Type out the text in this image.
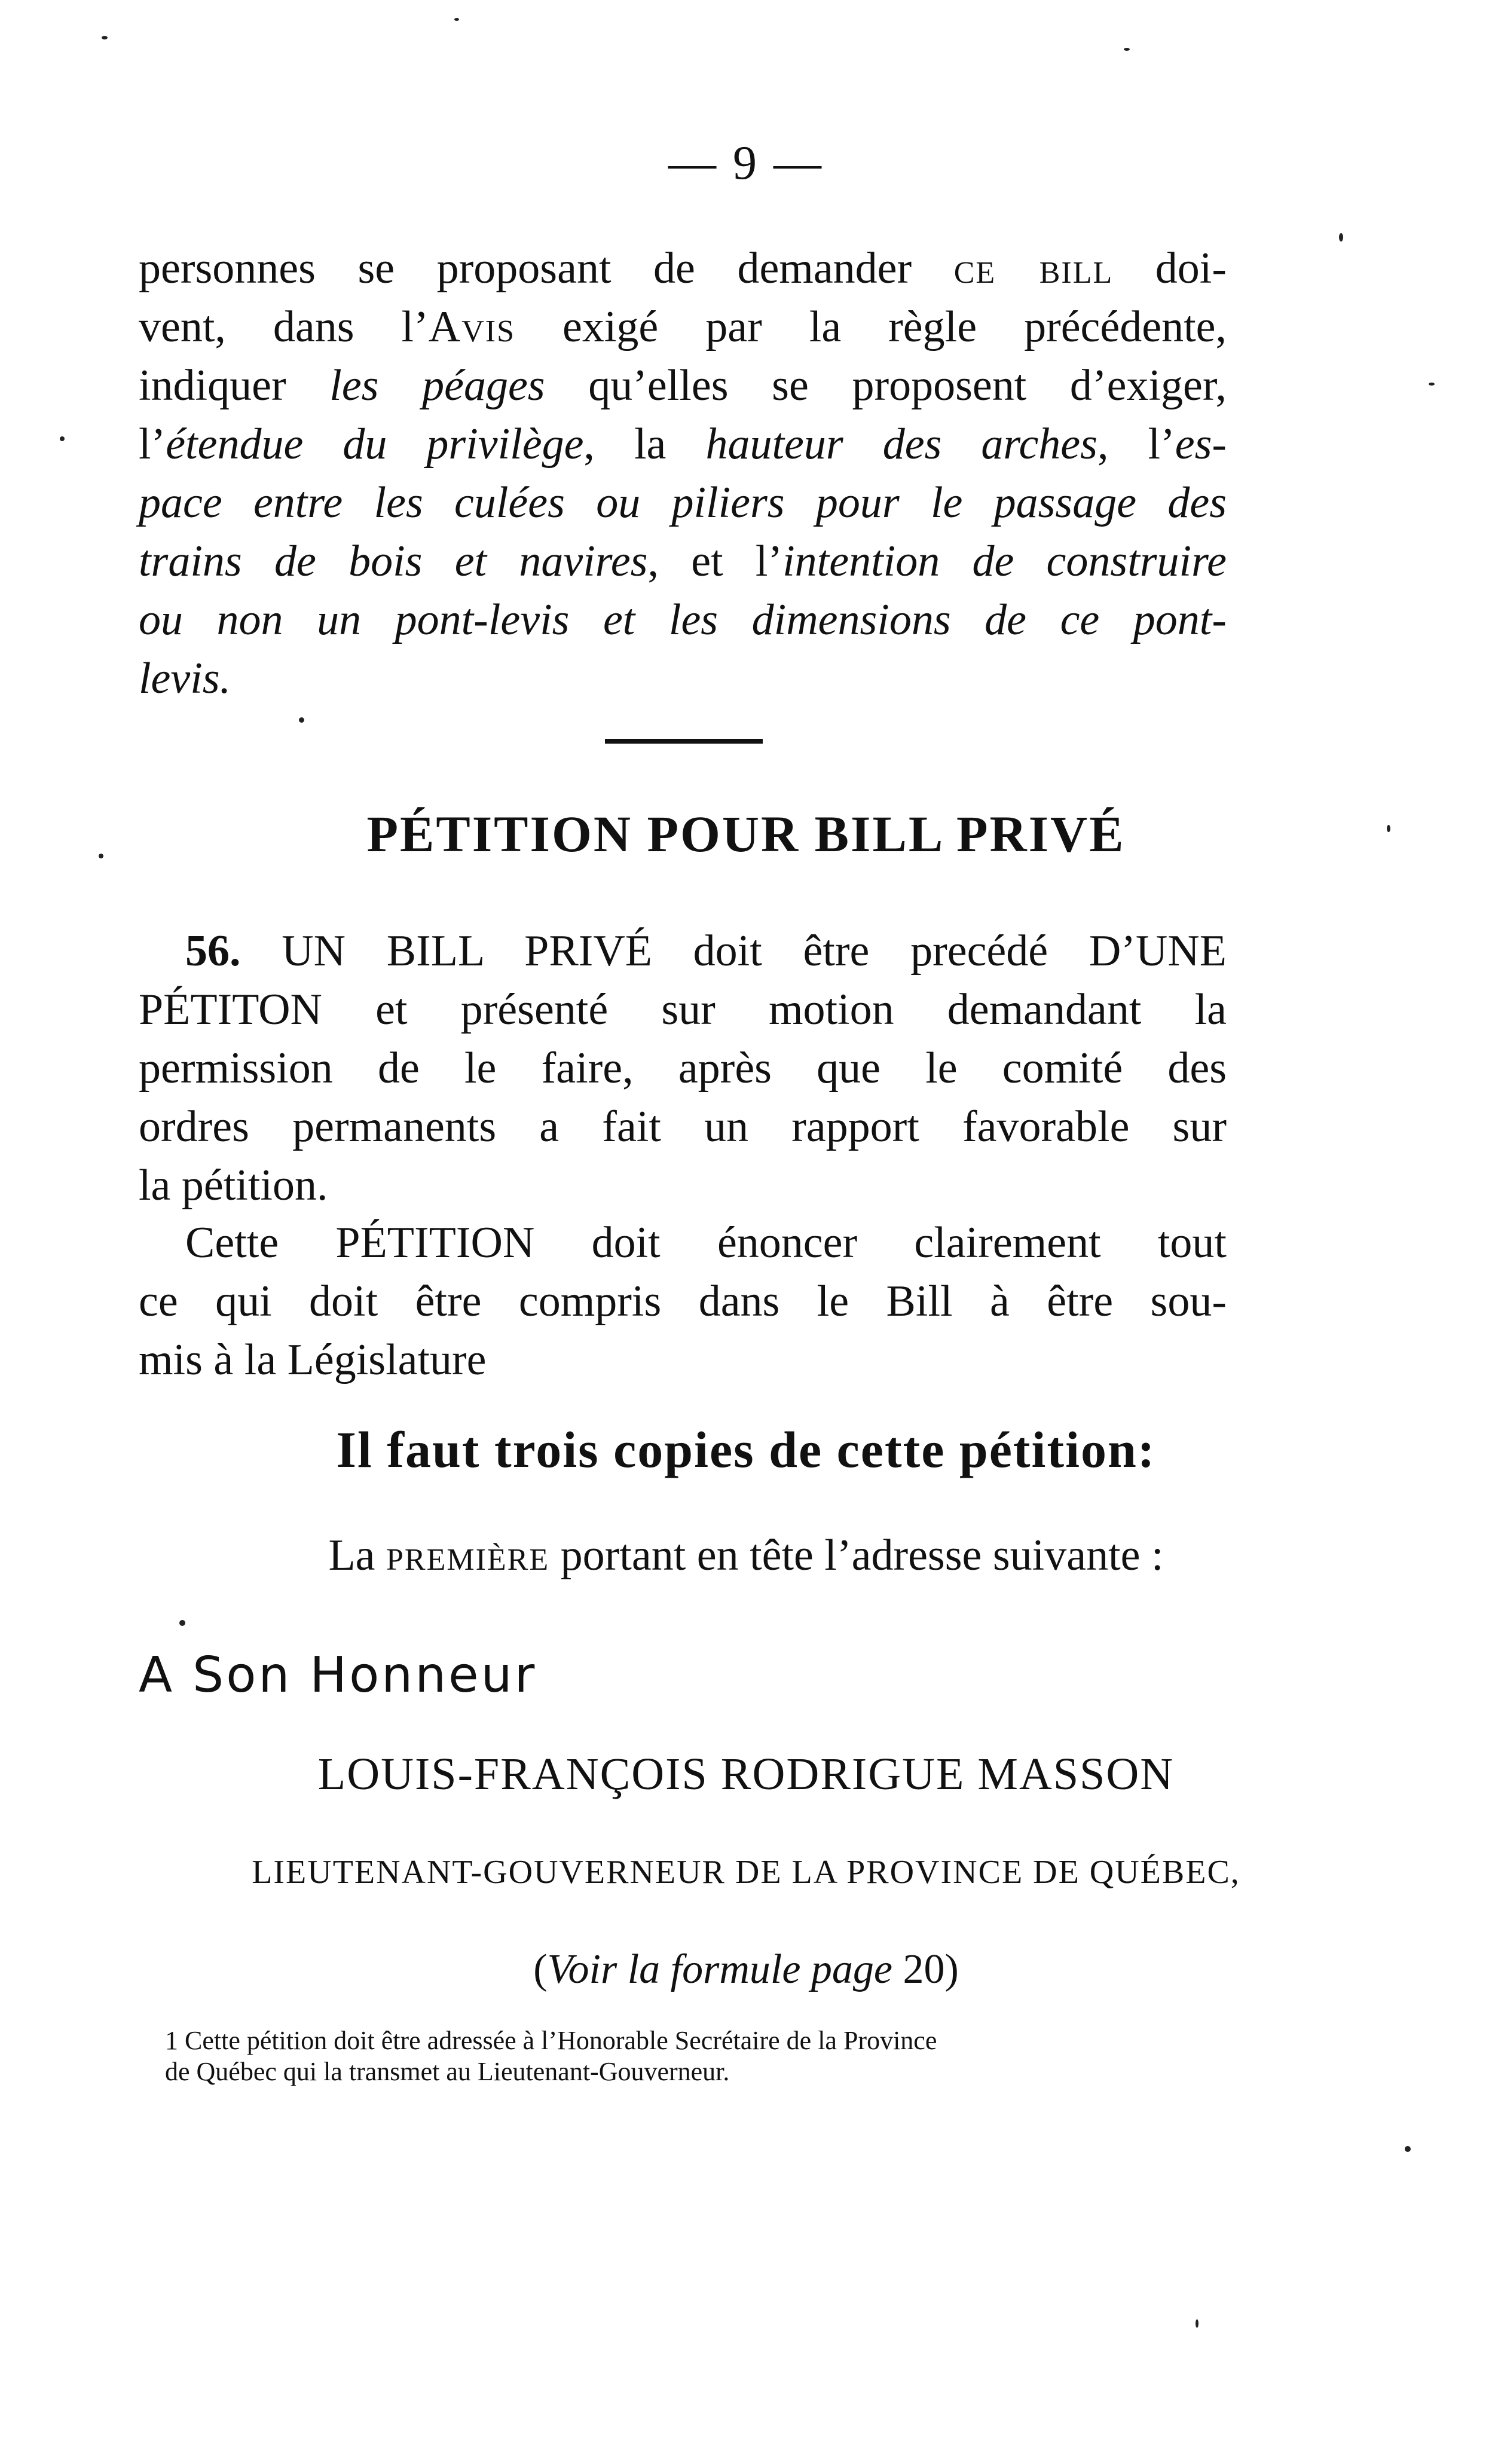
— 9 —
personnes se proposant de demander ce bill doi-
vent, dans l’Avis exigé par la règle précédente,
indiquer les péages qu’elles se proposent d’exiger,
l’étendue du privilège, la hauteur des arches, l’es-
pace entre les culées ou piliers pour le passage des
trains de bois et navires, et l’intention de construire
ou non un pont-levis et les dimensions de ce pont-
levis.
PÉTITION POUR BILL PRIVÉ
56. UN BILL PRIVÉ doit être precédé D’UNE
PÉTITON et présenté sur motion demandant la
permission de le faire, après que le comité des
ordres permanents a fait un rapport favorable sur
la pétition.
Cette PÉTITION doit énoncer clairement tout
ce qui doit être compris dans le Bill à être sou-
mis à la Législature
Il faut trois copies de cette pétition:
La première portant en tête l’adresse suivante :
A Son Honneur
LOUIS-FRANÇOIS RODRIGUE MASSON
LIEUTENANT-GOUVERNEUR DE LA PROVINCE DE QUÉBEC,
(Voir la formule page 20)
1 Cette pétition doit être adressée à l’Honorable Secrétaire de la Province
de Québec qui la transmet au Lieutenant-Gouverneur.
